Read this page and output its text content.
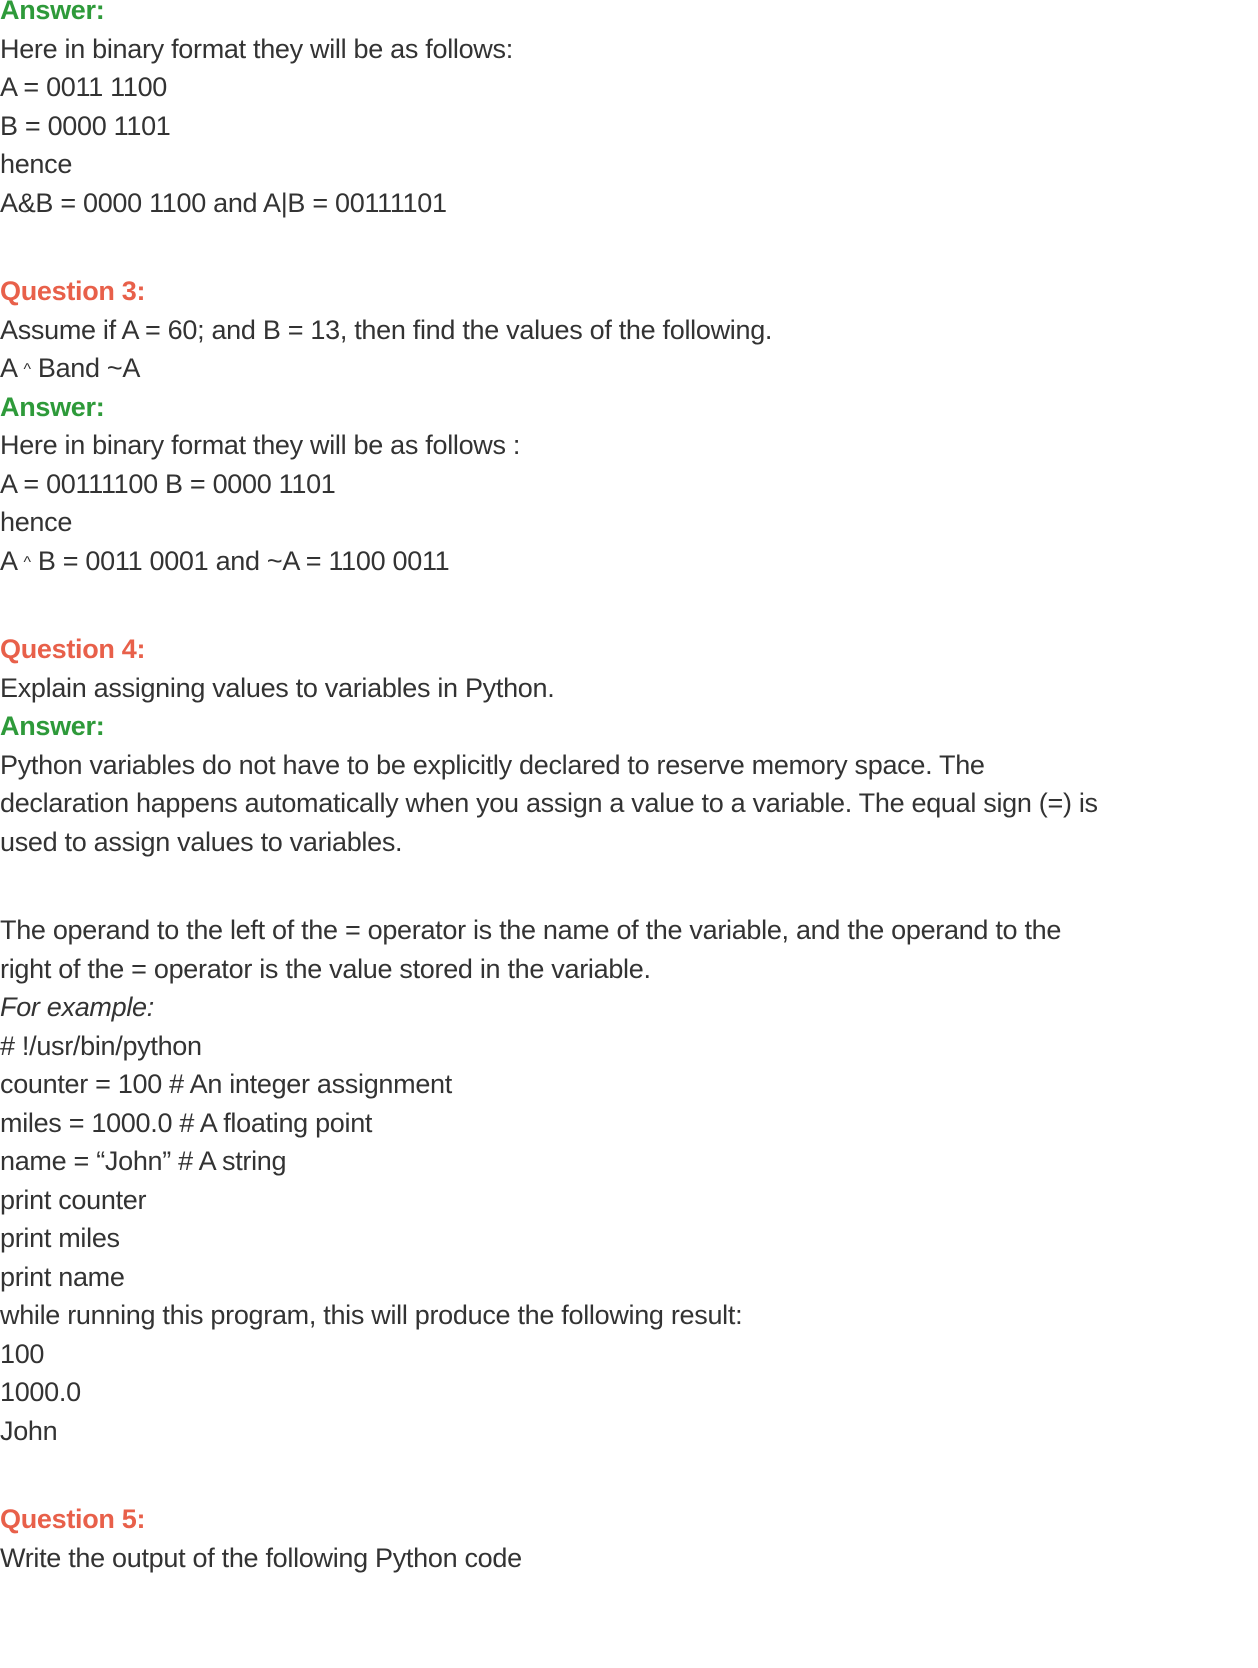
Answer:
Here in binary format they will be as follows:
A = 0011 1100
B = 0000 1101
hence
A&B = 0000 1100 and A|B = 00111101
Question 3:
Assume if A = 60; and B = 13, then find the values of the following.
A ^ Band ~A
Answer:
Here in binary format they will be as follows :
A = 00111100 B = 0000 1101
hence
A ^ B = 0011 0001 and ~A = 1100 0011
Question 4:
Explain assigning values to variables in Python.
Answer:
Python variables do not have to be explicitly declared to reserve memory space. The
declaration happens automatically when you assign a value to a variable. The equal sign (=) is
used to assign values to variables.
The operand to the left of the = operator is the name of the variable, and the operand to the
right of the = operator is the value stored in the variable.
For example:
# !/usr/bin/python
counter = 100 # An integer assignment
miles = 1000.0 # A floating point
name = “John” # A string
print counter
print miles
print name
while running this program, this will produce the following result:
100
1000.0
John
Question 5:
Write the output of the following Python code
